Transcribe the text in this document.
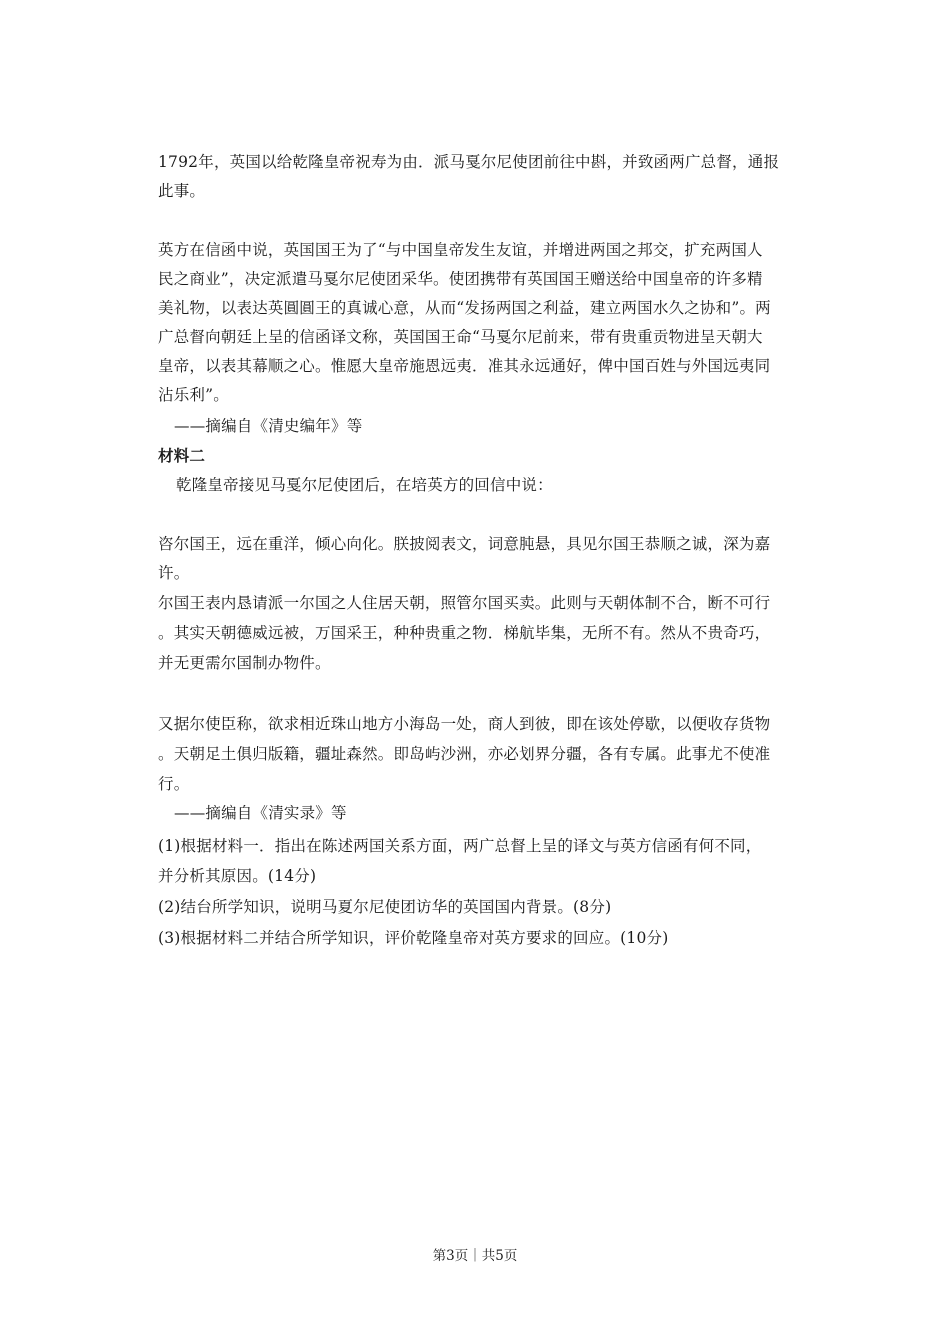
1792年，英国以给乾隆皇帝祝寿为由．派马戛尔尼使团前往中斟，并致函两广总督，通报
此事。
英方在信函中说，英国国王为了“与中国皇帝发生友谊，并增进两国之邦交，扩充两国人
民之商业”，决定派遣马戛尔尼使团采华。使团携带有英国国王赠送给中国皇帝的许多精
美礼物，以表达英圓圓王的真诚心意，从而“发扬两国之利益，建立两国水久之协和”。两
广总督向朝廷上呈的信函译文称，英国国王命“马戛尔尼前来，带有贵重贡物进呈天朝大
皇帝，以表其幕顺之心。惟愿大皇帝施恩远夷．准其永远通好，俾中国百姓与外国远夷同
沾乐利”。
——摘编自《清史编年》等
材料二
乾隆皇帝接见马戛尔尼使团后，在培英方的回信中说：
咨尔国王，远在重洋，倾心向化。朕披阅表文，词意肫悬，具见尔国王恭顺之诚，深为嘉
许。
尔国王表内恳请派一尔国之人住居天朝，照管尔国买卖。此则与天朝体制不合，断不可行
。其实天朝德威远被，万国采王，种种贵重之物．梯航毕集，无所不有。然从不贵奇巧，
并无更需尔国制办物件。
又据尔使臣称，欲求相近珠山地方小海岛一处，商人到彼，即在该处停歇，以便收存货物
。天朝足土俱归版籍，疆址森然。即岛屿沙洲，亦必划界分疆，各有专属。此事尤不使准
行。
——摘编自《清实录》等
(1)根据材料一．指出在陈述两国关系方面，两广总督上呈的译文与英方信函有何不同，
并分析其原因。(14分)
(2)结台所学知识，说明马夏尔尼使团访华的英国国内背景。(8分)
(3)根据材料二并结合所学知识，评价乾隆皇帝对英方要求的回应。(10分)
第3页｜共5页
